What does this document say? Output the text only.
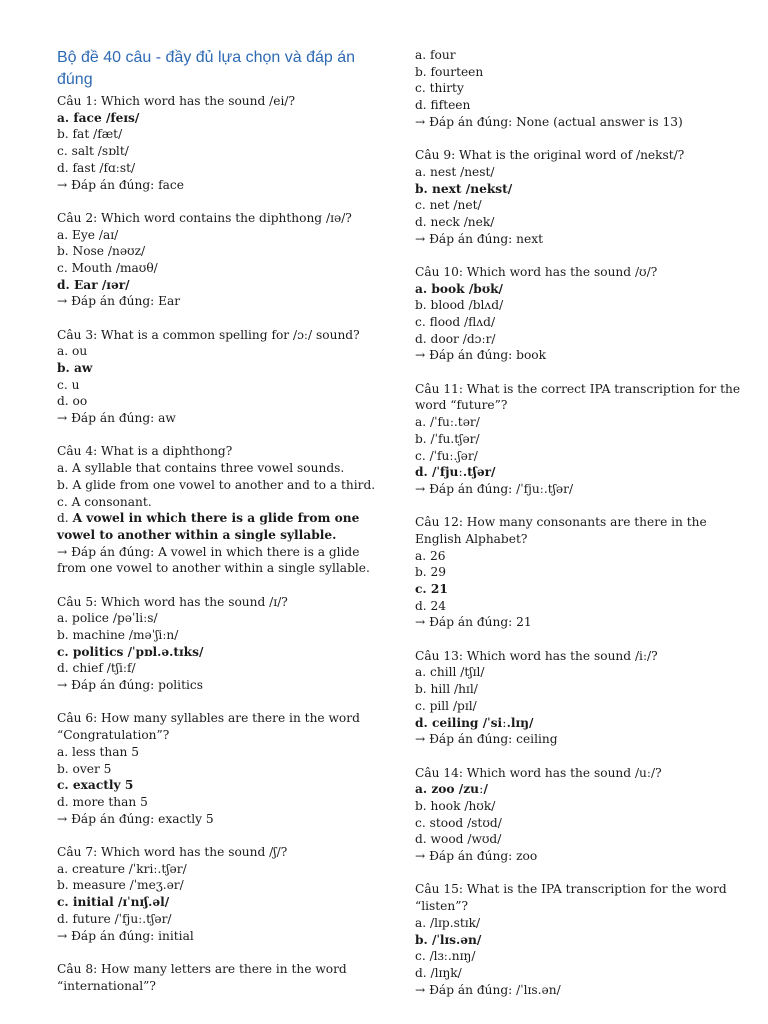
Bộ đề 40 câu - đầy đủ lựa chọn và đáp án đúng

Câu 1: Which word has the sound /ei/?

a. face /feɪs/

b. fat /fæt/

c. salt /sɒlt/

d. fast /fɑːst/

→ Đáp án đúng: face

Câu 2: Which word contains the diphthong /ɪə/?

a. Eye /aɪ/

b. Nose /nəʊz/

c. Mouth /maʊθ/

d. Ear /ɪər/

→ Đáp án đúng: Ear

Câu 3: What is a common spelling for /ɔː/ sound?

a. ou

b. aw

c. u

d. oo

→ Đáp án đúng: aw

Câu 4: What is a diphthong?

a. A syllable that contains three vowel sounds.

b. A glide from one vowel to another and to a third.

c. A consonant.

d. A vowel in which there is a glide from one

vowel to another within a single syllable.

→ Đáp án đúng: A vowel in which there is a glide

from one vowel to another within a single syllable.

Câu 5: Which word has the sound /ɪ/?

a. police /pəˈliːs/

b. machine /məˈʃiːn/

c. politics /ˈpɒl.ə.tɪks/

d. chief /tʃiːf/

→ Đáp án đúng: politics

Câu 6: How many syllables are there in the word

“Congratulation”?

a. less than 5

b. over 5

c. exactly 5

d. more than 5

→ Đáp án đúng: exactly 5

Câu 7: Which word has the sound /ʃ/?

a. creature /ˈkriː.tʃər/

b. measure /ˈmeʒ.ər/

c. initial /ɪˈnɪʃ.əl/

d. future /ˈfjuː.tʃər/

→ Đáp án đúng: initial

Câu 8: How many letters are there in the word

“international”?

a. four

b. fourteen

c. thirty

d. fifteen

→ Đáp án đúng: None (actual answer is 13)

Câu 9: What is the original word of /nekst/?

a. nest /nest/

b. next /nekst/

c. net /net/

d. neck /nek/

→ Đáp án đúng: next

Câu 10: Which word has the sound /ʊ/?

a. book /bʊk/

b. blood /blʌd/

c. flood /flʌd/

d. door /dɔːr/

→ Đáp án đúng: book

Câu 11: What is the correct IPA transcription for the

word “future”?

a. /ˈfuː.tər/

b. /ˈfu.tʃər/

c. /ˈfuː.ʃər/

d. /ˈfjuː.tʃər/

→ Đáp án đúng: /ˈfjuː.tʃər/

Câu 12: How many consonants are there in the

English Alphabet?

a. 26

b. 29

c. 21

d. 24

→ Đáp án đúng: 21

Câu 13: Which word has the sound /iː/?

a. chill /tʃɪl/

b. hill /hɪl/

c. pill /pɪl/

d. ceiling /ˈsiː.lɪŋ/

→ Đáp án đúng: ceiling

Câu 14: Which word has the sound /uː/?

a. zoo /zuː/

b. hook /hʊk/

c. stood /stʊd/

d. wood /wʊd/

→ Đáp án đúng: zoo

Câu 15: What is the IPA transcription for the word

“listen”?

a. /lɪp.stɪk/

b. /ˈlɪs.ən/

c. /lɜː.nɪŋ/

d. /lɪŋk/

→ Đáp án đúng: /ˈlɪs.ən/
